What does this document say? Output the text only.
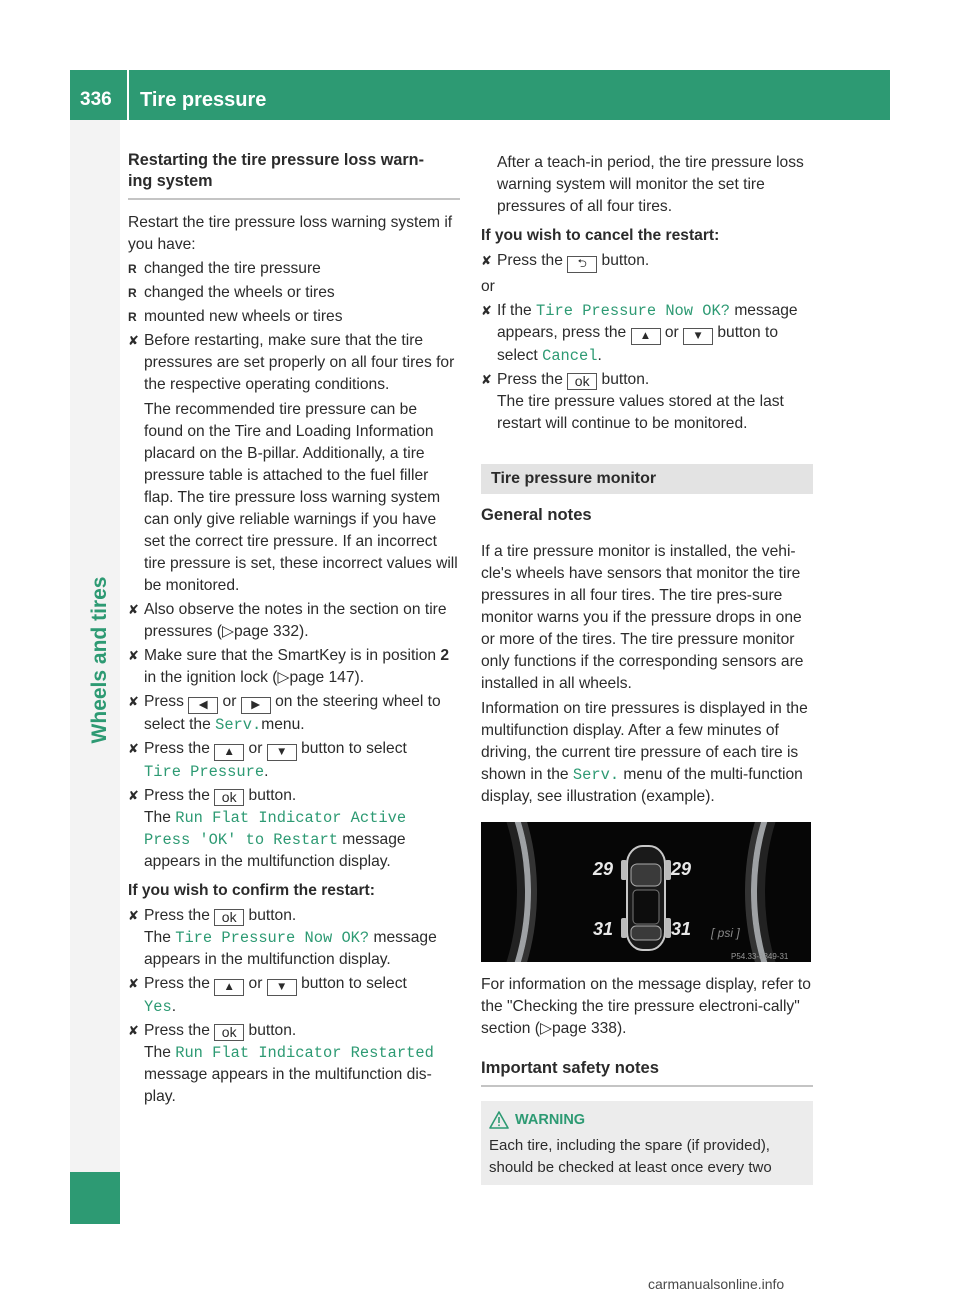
336	Tire pressure
Wheels and tires
Restarting the tire pressure loss warn-
ing system

Restart the tire pressure loss warning system if you have:

R changed the tire pressure
R changed the wheels or tires
R mounted new wheels or tires
✘ Before restarting, make sure that the tire pressures are set properly on all four tires for the respective operating conditions.

The recommended tire pressure can be found on the Tire and Loading Information placard on the B-pillar. Additionally, a tire pressure table is attached to the fuel filler flap. The tire pressure loss warning system can only give reliable warnings if you have set the correct tire pressure. If an incorrect tire pressure is set, these incorrect values will be monitored.

✘ Also observe the notes in the section on tire pressures (▷page 332).
✘ Make sure that the SmartKey is in position 2 in the ignition lock (▷page 147).
✘ Press ◀ or ▶ on the steering wheel to select the Serv.menu.
✘ Press the ▲ or ▼ button to select
Tire Pressure.
✘ Press the ok button.
The Run Flat Indicator Active
Press 'OK' to Restart message appears in the multifunction display.

If you wish to confirm the restart:

✘ Press the ok button.
The Tire Pressure Now OK? message appears in the multifunction display.
✘ Press the ▲ or ▼ button to select
Yes.
✘ Press the ok button.
The Run Flat Indicator Restarted
message appears in the multifunction dis-play.

After a teach-in period, the tire pressure loss warning system will monitor the set tire pressures of all four tires.

If you wish to cancel the restart:

✘ Press the ⮌ button.

or

✘ If the Tire Pressure Now OK? message appears, press the ▲ or ▼ button to select Cancel.
✘ Press the ok button.
The tire pressure values stored at the last restart will continue to be monitored.
Tire pressure monitor

General notes

If a tire pressure monitor is installed, the vehi-cle's wheels have sensors that monitor the tire pressures in all four tires. The tire pres-sure monitor warns you if the pressure drops in one or more of the tires. The tire pressure monitor only functions if the corresponding sensors are installed in all wheels.

Information on tire pressures is displayed in the multifunction display. After a few minutes of driving, the current tire pressure of each tire is shown in the Serv. menu of the multi-function display, see illustration (example).

29	29
31	31 [ psi ]
P54.33-3349-31

For information on the message display, refer to the "Checking the tire pressure electroni-cally" section (▷page 338).

Important safety notes

WARNING

Each tire, including the spare (if provided), should be checked at least once every two

carmanualsonline.info
